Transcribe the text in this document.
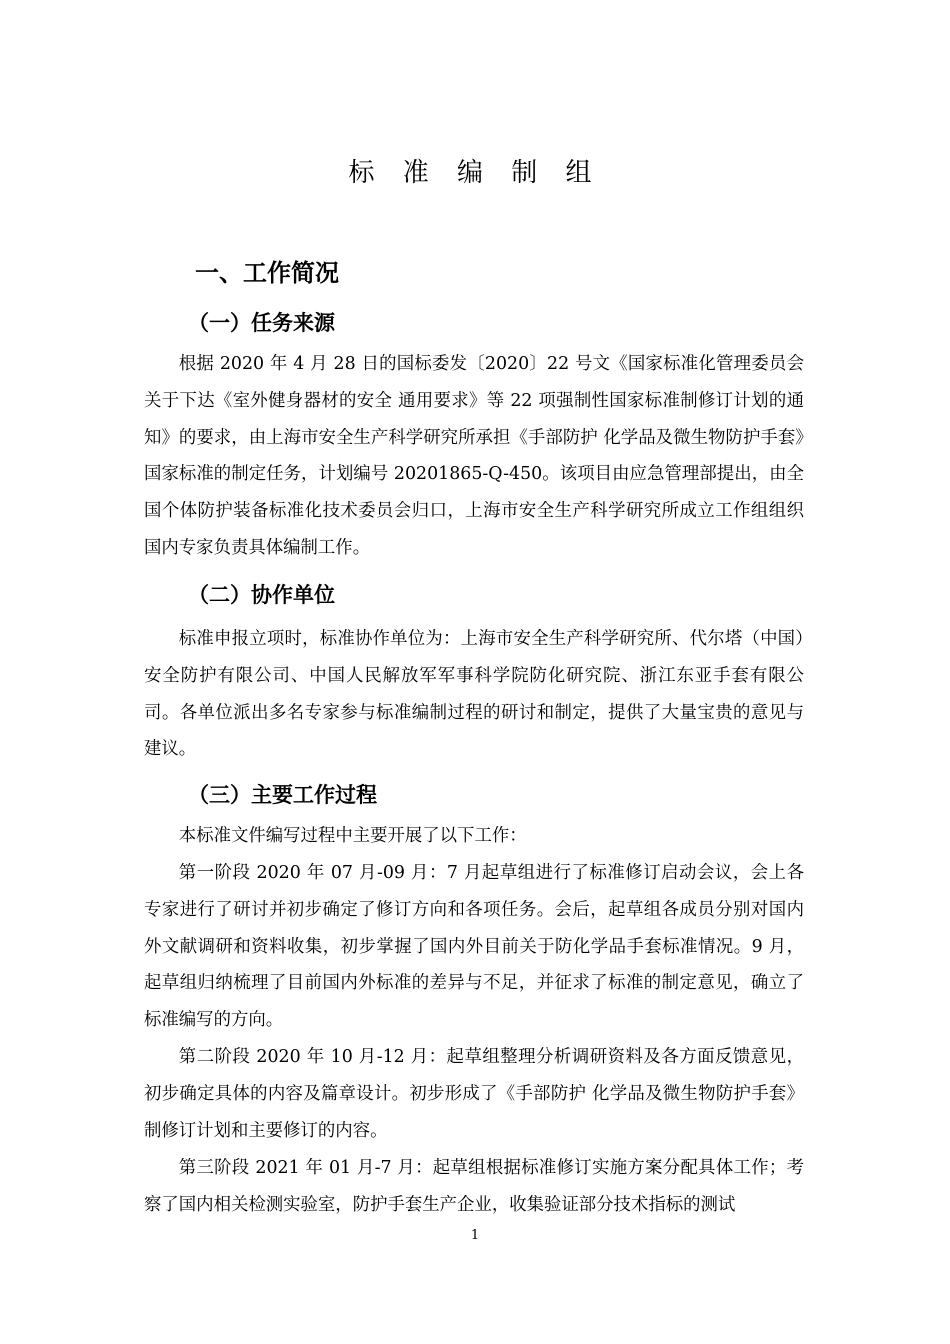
标 准 编 制 组
一、工作简况
（一）任务来源

根据 2020 年 4 月 28 日的国标委发〔2020〕22 号文《国家标准化管理委员会关于下达《室外健身器材的安全 通用要求》等 22 项强制性国家标准制修订计划的通知》的要求，由上海市安全生产科学研究所承担《手部防护 化学品及微生物防护手套》国家标准的制定任务，计划编号 20201865-Q-450。该项目由应急管理部提出，由全国个体防护装备标准化技术委员会归口，上海市安全生产科学研究所成立工作组组织国内专家负责具体编制工作。

（二）协作单位

标准申报立项时，标准协作单位为：上海市安全生产科学研究所、代尔塔（中国）安全防护有限公司、中国人民解放军军事科学院防化研究院、浙江东亚手套有限公司。各单位派出多名专家参与标准编制过程的研讨和制定，提供了大量宝贵的意见与建议。

（三）主要工作过程

本标准文件编写过程中主要开展了以下工作：

第一阶段 2020 年 07 月-09 月：7 月起草组进行了标准修订启动会议，会上各专家进行了研讨并初步确定了修订方向和各项任务。会后，起草组各成员分别对国内外文献调研和资料收集，初步掌握了国内外目前关于防化学品手套标准情况。9 月，起草组归纳梳理了目前国内外标准的差异与不足，并征求了标准的制定意见，确立了标准编写的方向。

第二阶段 2020 年 10 月-12 月：起草组整理分析调研资料及各方面反馈意见，初步确定具体的内容及篇章设计。初步形成了《手部防护 化学品及微生物防护手套》制修订计划和主要修订的内容。

第三阶段 2021 年 01 月-7 月：起草组根据标准修订实施方案分配具体工作；考察了国内相关检测实验室，防护手套生产企业，收集验证部分技术指标的测试

1
